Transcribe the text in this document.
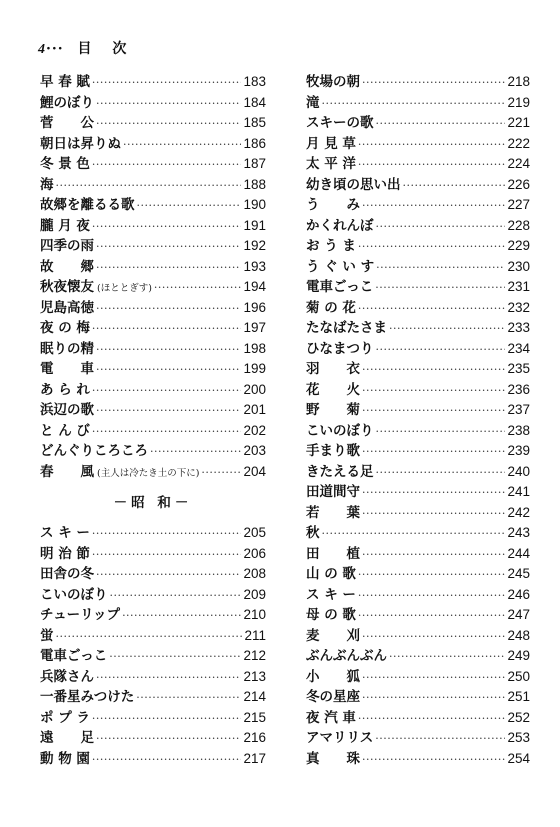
4··· 目 次
早 春 賦 ·····	183
鯉のぼり ·····	184
菅　　公 ·····	185
朝日は昇りぬ ·····	186
冬 景 色 ·····	187
海 ·····	188
故郷を離るる歌 ·····	190
朧 月 夜 ·····	191
四季の雨 ·····	192
故　　郷 ·····	193
秋夜懐友 (ほととぎす) ·····	194
児島高徳 ·····	196
夜 の 梅 ·····	197
眠りの精 ·····	198
電　　車 ·····	199
あ ら れ ·····	200
浜辺の歌 ·····	201
と ん び ·····	202
どんぐりころころ ·····	203
春　　風 (主人は冷たき土の下に) ·····	204
－昭 和－
ス キ ー ·····	205
明 治 節 ·····	206
田舎の冬 ·····	208
こいのぼり ·····	209
チューリップ ·····	210
蛍 ·····	211
電車ごっこ ·····	212
兵隊さん ·····	213
一番星みつけた ·····	214
ポ プ ラ ·····	215
遠　　足 ·····	216
動 物 園 ·····	217
牧場の朝 ·····	218
滝 ·····	219
スキーの歌 ·····	221
月 見 草 ·····	222
太 平 洋 ·····	224
幼き頃の思い出 ·····	226
う　　み ·····	227
かくれんぼ ·····	228
お う ま ·····	229
う ぐ い す ·····	230
電車ごっこ ·····	231
菊 の 花 ·····	232
たなばたさま ·····	233
ひなまつり ·····	234
羽　　衣 ·····	235
花　　火 ·····	236
野　　菊 ·····	237
こいのぼり ·····	238
手まり歌 ·····	239
きたえる足 ·····	240
田道間守 ·····	241
若　　葉 ·····	242
秋 ·····	243
田　　植 ·····	244
山 の 歌 ·····	245
ス キ ー ·····	246
母 の 歌 ·····	247
麦　　刈 ·····	248
ぶんぶんぶん ·····	249
小　　狐 ·····	250
冬の星座 ·····	251
夜 汽 車 ·····	252
アマリリス ·····	253
真　　珠 ·····	254
